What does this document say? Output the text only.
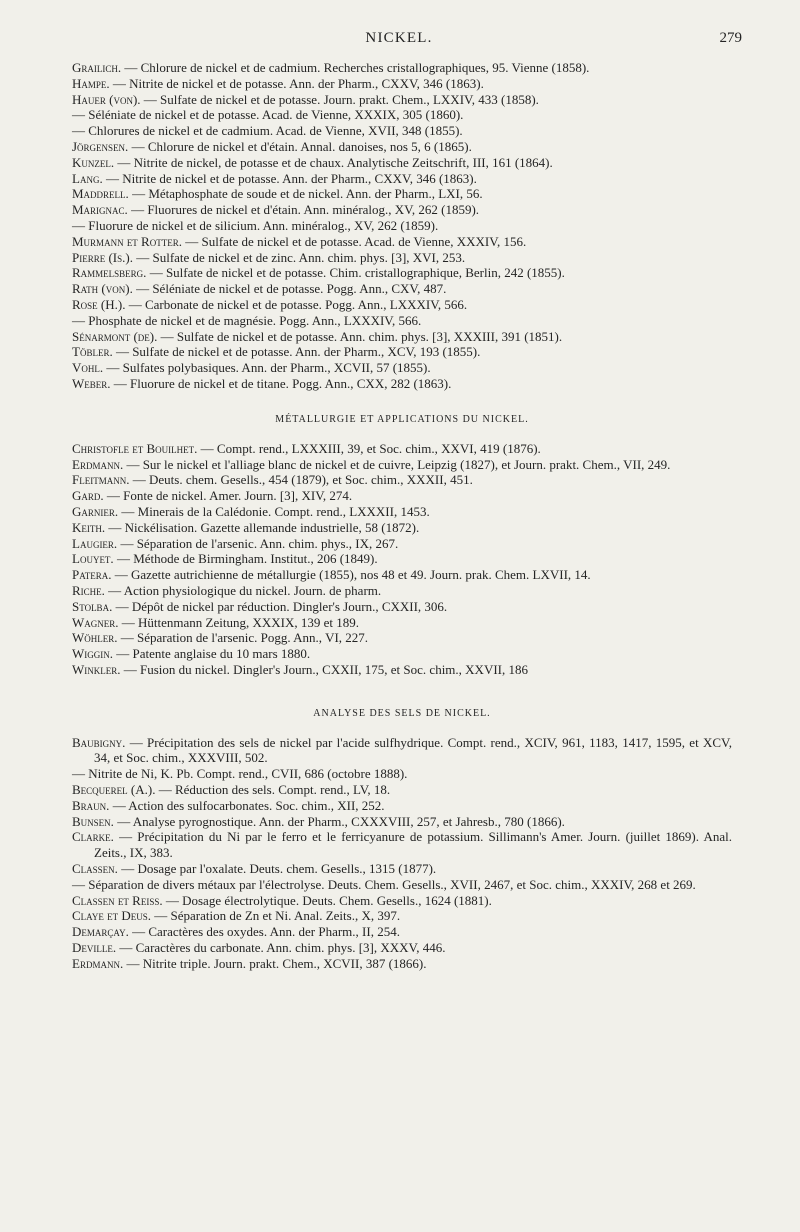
NICKEL.	279
Grailich. — Chlorure de nickel et de cadmium. Recherches cristallographiques, 95. Vienne (1858).
Hampe. — Nitrite de nickel et de potasse. Ann. der Pharm., CXXV, 346 (1863).
Hauer (von). — Sulfate de nickel et de potasse. Journ. prakt. Chem., LXXIV, 433 (1858).
— Séléniate de nickel et de potasse. Acad. de Vienne, XXXIX, 305 (1860).
— Chlorures de nickel et de cadmium. Acad. de Vienne, XVII, 348 (1855).
Jörgensen. — Chlorure de nickel et d'étain. Annal. danoises, nos 5, 6 (1865).
Kunzel. — Nitrite de nickel, de potasse et de chaux. Analytische Zeitschrift, III, 161 (1864).
Lang. — Nitrite de nickel et de potasse. Ann. der Pharm., CXXV, 346 (1863).
Maddrell. — Métaphosphate de soude et de nickel. Ann. der Pharm., LXI, 56.
Marignac. — Fluorures de nickel et d'étain. Ann. minéralog., XV, 262 (1859).
— Fluorure de nickel et de silicium. Ann. minéralog., XV, 262 (1859).
Murmann et Rotter. — Sulfate de nickel et de potasse. Acad. de Vienne, XXXIV, 156.
Pierre (Is.). — Sulfate de nickel et de zinc. Ann. chim. phys. [3], XVI, 253.
Rammelsberg. — Sulfate de nickel et de potasse. Chim. cristallographique, Berlin, 242 (1855).
Rath (von). — Séléniate de nickel et de potasse. Pogg. Ann., CXV, 487.
Rose (H.). — Carbonate de nickel et de potasse. Pogg. Ann., LXXXIV, 566.
— Phosphate de nickel et de magnésie. Pogg. Ann., LXXXIV, 566.
Sénarmont (de). — Sulfate de nickel et de potasse. Ann. chim. phys. [3], XXXIII, 391 (1851).
Töbler. — Sulfate de nickel et de potasse. Ann. der Pharm., XCV, 193 (1855).
Vohl. — Sulfates polybasiques. Ann. der Pharm., XCVII, 57 (1855).
Weber. — Fluorure de nickel et de titane. Pogg. Ann., CXX, 282 (1863).
MÉTALLURGIE ET APPLICATIONS DU NICKEL.
Christofle et Bouilhet. — Compt. rend., LXXXIII, 39, et Soc. chim., XXVI, 419 (1876).
Erdmann. — Sur le nickel et l'alliage blanc de nickel et de cuivre, Leipzig (1827), et Journ. prakt. Chem., VII, 249.
Fleitmann. — Deuts. chem. Gesells., 454 (1879), et Soc. chim., XXXII, 451.
Gard. — Fonte de nickel. Amer. Journ. [3], XIV, 274.
Garnier. — Minerais de la Calédonie. Compt. rend., LXXXII, 1453.
Keith. — Nickélisation. Gazette allemande industrielle, 58 (1872).
Laugier. — Séparation de l'arsenic. Ann. chim. phys., IX, 267.
Louyet. — Méthode de Birmingham. Institut., 206 (1849).
Patera. — Gazette autrichienne de métallurgie (1855), nos 48 et 49. Journ. prak. Chem. LXVII, 14.
Riche. — Action physiologique du nickel. Journ. de pharm.
Stolba. — Dépôt de nickel par réduction. Dingler's Journ., CXXII, 306.
Wagner. — Hüttenmann Zeitung, XXXIX, 139 et 189.
Wöhler. — Séparation de l'arsenic. Pogg. Ann., VI, 227.
Wiggin. — Patente anglaise du 10 mars 1880.
Winkler. — Fusion du nickel. Dingler's Journ., CXXII, 175, et Soc. chim., XXVII, 186
ANALYSE DES SELS DE NICKEL.
Baubigny. — Précipitation des sels de nickel par l'acide sulfhydrique. Compt. rend., XCIV, 961, 1183, 1417, 1595, et XCV, 34, et Soc. chim., XXXVIII, 502.
— Nitrite de Ni, K. Pb. Compt. rend., CVII, 686 (octobre 1888).
Becquerel (A.). — Réduction des sels. Compt. rend., LV, 18.
Braun. — Action des sulfocarbonates. Soc. chim., XII, 252.
Bunsen. — Analyse pyrognostique. Ann. der Pharm., CXXXVIII, 257, et Jahresb., 780 (1866).
Clarke. — Précipitation du Ni par le ferro et le ferricyanure de potassium. Sillimann's Amer. Journ. (juillet 1869). Anal. Zeits., IX, 383.
Classen. — Dosage par l'oxalate. Deuts. chem. Gesells., 1315 (1877).
— Séparation de divers métaux par l'électrolyse. Deuts. Chem. Gesells., XVII, 2467, et Soc. chim., XXXIV, 268 et 269.
Classen et Reiss. — Dosage électrolytique. Deuts. Chem. Gesells., 1624 (1881).
Claye et Deus. — Séparation de Zn et Ni. Anal. Zeits., X, 397.
Demarçay. — Caractères des oxydes. Ann. der Pharm., II, 254.
Deville. — Caractères du carbonate. Ann. chim. phys. [3], XXXV, 446.
Erdmann. — Nitrite triple. Journ. prakt. Chem., XCVII, 387 (1866).
